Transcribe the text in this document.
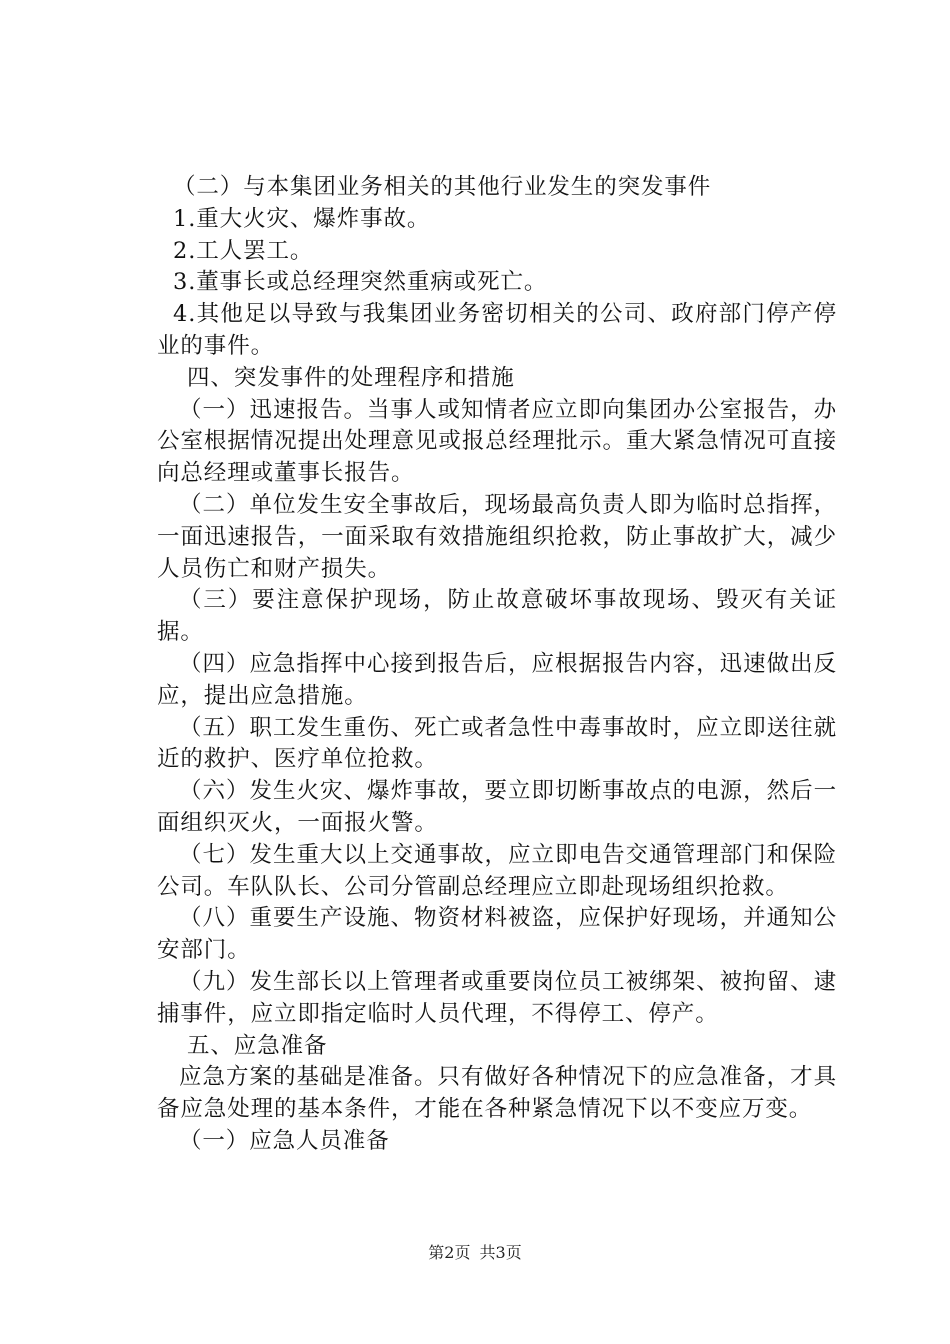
（二）与本集团业务相关的其他行业发生的突发事件

1.重大火灾、爆炸事故。

2.工人罢工。

3.董事长或总经理突然重病或死亡。

4.其他足以导致与我集团业务密切相关的公司、政府部门停产停业的事件。

四、突发事件的处理程序和措施

（一）迅速报告。当事人或知情者应立即向集团办公室报告，办公室根据情况提出处理意见或报总经理批示。重大紧急情况可直接向总经理或董事长报告。

（二）单位发生安全事故后，现场最高负责人即为临时总指挥，一面迅速报告，一面采取有效措施组织抢救，防止事故扩大，减少人员伤亡和财产损失。

（三）要注意保护现场，防止故意破坏事故现场、毁灭有关证据。

（四）应急指挥中心接到报告后，应根据报告内容，迅速做出反应，提出应急措施。

（五）职工发生重伤、死亡或者急性中毒事故时，应立即送往就近的救护、医疗单位抢救。

（六）发生火灾、爆炸事故，要立即切断事故点的电源，然后一面组织灭火，一面报火警。

（七）发生重大以上交通事故，应立即电告交通管理部门和保险公司。车队队长、公司分管副总经理应立即赴现场组织抢救。

（八）重要生产设施、物资材料被盗，应保护好现场，并通知公安部门。

（九）发生部长以上管理者或重要岗位员工被绑架、被拘留、逮捕事件，应立即指定临时人员代理，不得停工、停产。

五、应急准备

应急方案的基础是准备。只有做好各种情况下的应急准备，才具备应急处理的基本条件，才能在各种紧急情况下以不变应万变。

（一）应急人员准备

第2页 共3页
